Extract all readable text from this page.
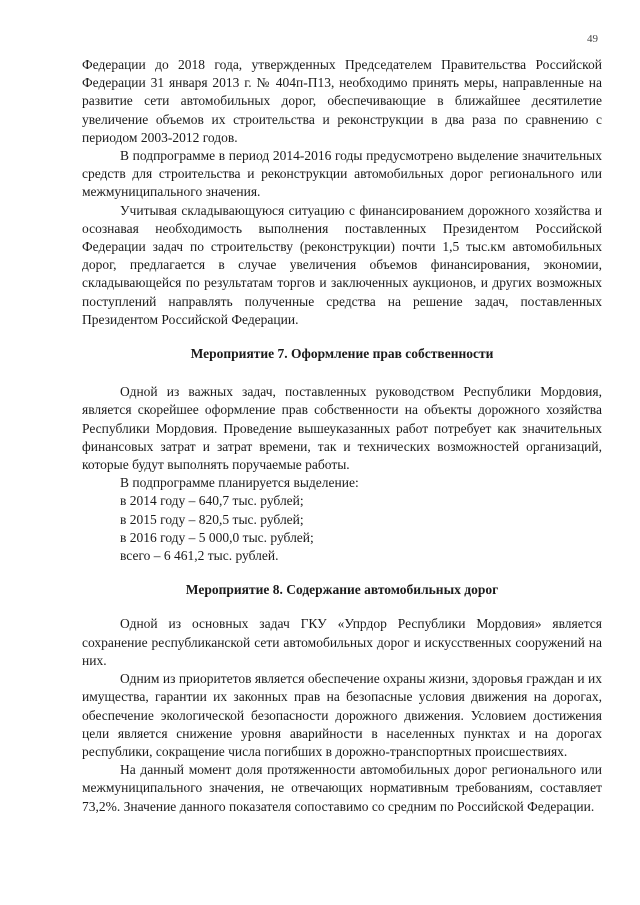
49

Федерации до 2018 года, утвержденных Председателем Правительства Российской Федерации 31 января 2013 г. № 404п-П13, необходимо принять меры, направленные на развитие сети автомобильных дорог, обеспечивающие в ближайшее десятилетие увеличение объемов их строительства и реконструкции в два раза по сравнению с периодом 2003-2012 годов.

В подпрограмме в период 2014-2016 годы предусмотрено выделение значительных средств для строительства и реконструкции автомобильных дорог регионального или межмуниципального значения.

Учитывая складывающуюся ситуацию с финансированием дорожного хозяйства и осознавая необходимость выполнения поставленных Президентом Российской Федерации задач по строительству (реконструкции) почти 1,5 тыс.км автомобильных дорог, предлагается в случае увеличения объемов финансирования, экономии, складывающейся по результатам торгов и заключенных аукционов, и других возможных поступлений направлять полученные средства на решение задач, поставленных Президентом Российской Федерации.

Мероприятие 7. Оформление прав собственности

Одной из важных задач, поставленных руководством Республики Мордовия, является скорейшее оформление прав собственности на объекты дорожного хозяйства Республики Мордовия. Проведение вышеуказанных работ потребует как значительных финансовых затрат и затрат времени, так и технических возможностей организаций, которые будут выполнять поручаемые работы.

В подпрограмме планируется выделение:

в 2014 году – 640,7 тыс. рублей;

в 2015 году – 820,5 тыс. рублей;

в 2016 году – 5 000,0 тыс. рублей;

всего – 6 461,2 тыс. рублей.

Мероприятие 8. Содержание автомобильных дорог

Одной из основных задач ГКУ «Упрдор Республики Мордовия» является сохранение республиканской сети автомобильных дорог и искусственных сооружений на них.

Одним из приоритетов является обеспечение охраны жизни, здоровья граждан и их имущества, гарантии их законных прав на безопасные условия движения на дорогах, обеспечение экологической безопасности дорожного движения. Условием достижения цели является снижение уровня аварийности в населенных пунктах и на дорогах республики, сокращение числа погибших в дорожно-транспортных происшествиях.

На данный момент доля протяженности автомобильных дорог регионального или межмуниципального значения, не отвечающих нормативным требованиям, составляет 73,2%. Значение данного показателя сопоставимо со средним по Российской Федерации.
